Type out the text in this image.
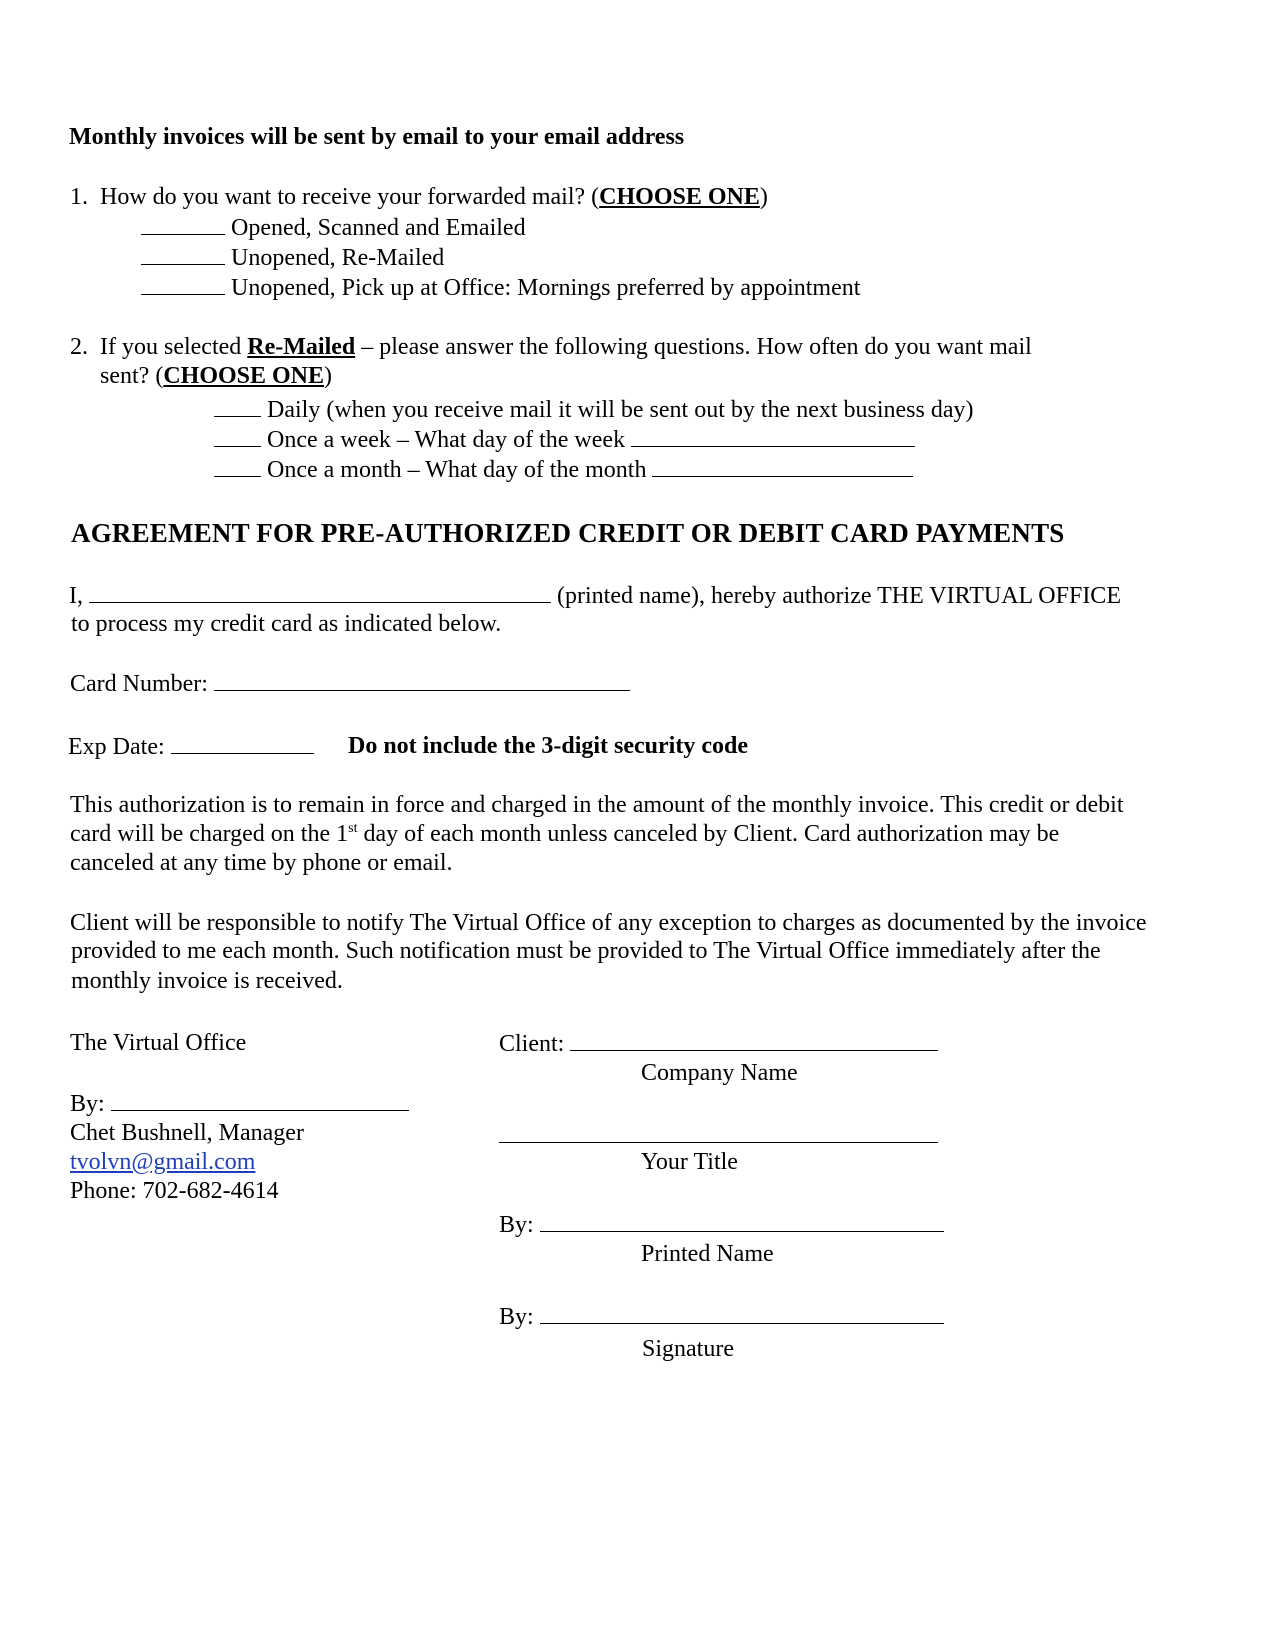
Monthly invoices will be sent by email to your email address
1. How do you want to receive your forwarded mail? (CHOOSE ONE)
Opened, Scanned and Emailed
Unopened, Re-Mailed
Unopened, Pick up at Office: Mornings preferred by appointment
2. If you selected Re-Mailed – please answer the following questions. How often do you want mail
sent? (CHOOSE ONE)
Daily (when you receive mail it will be sent out by the next business day)
Once a week – What day of the week
Once a month – What day of the month
AGREEMENT FOR PRE-AUTHORIZED CREDIT OR DEBIT CARD PAYMENTS
I,	(printed name), hereby authorize THE VIRTUAL OFFICE
to process my credit card as indicated below.
Card Number:
Exp Date:	Do not include the 3-digit security code
This authorization is to remain in force and charged in the amount of the monthly invoice. This credit or debit
card will be charged on the 1st day of each month unless canceled by Client. Card authorization may be
canceled at any time by phone or email.
Client will be responsible to notify The Virtual Office of any exception to charges as documented by the invoice
provided to me each month. Such notification must be provided to The Virtual Office immediately after the
monthly invoice is received.
The Virtual Office
By:
Chet Bushnell, Manager
tvolvn@gmail.com
Phone: 702-682-4614
Client:
Company Name
Your Title
By:
Printed Name
By:
Signature
